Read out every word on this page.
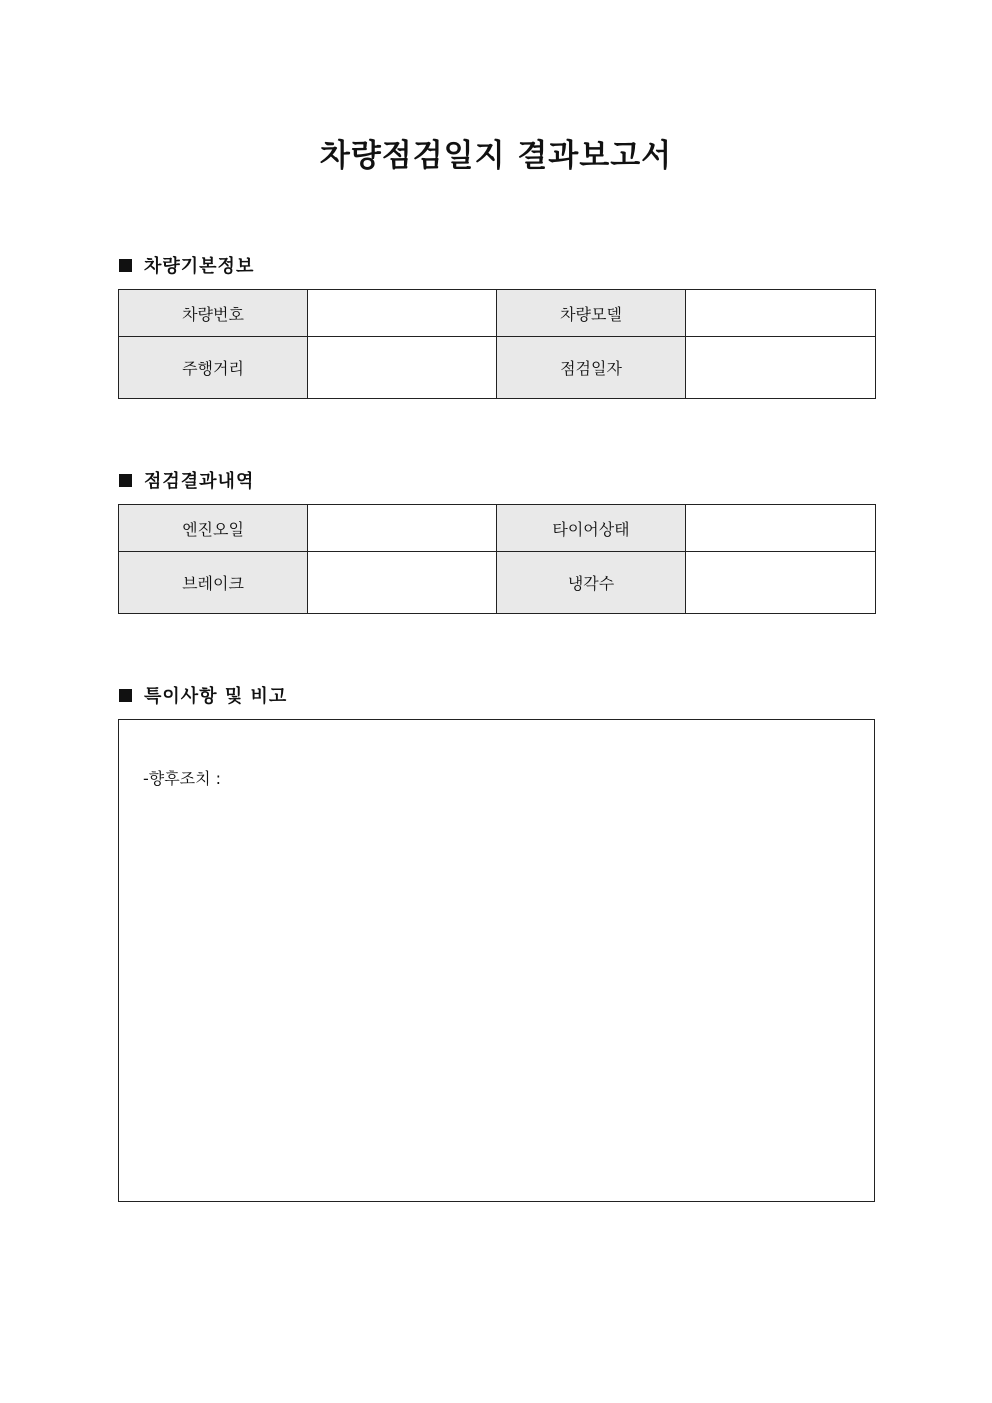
차량점검일지 결과보고서
차량기본정보
차량번호		차량모델	
주행거리		점검일자	
점검결과내역
엔진오일		타이어상태	
브레이크		냉각수	
특이사항 및 비고
-향후조치 :
